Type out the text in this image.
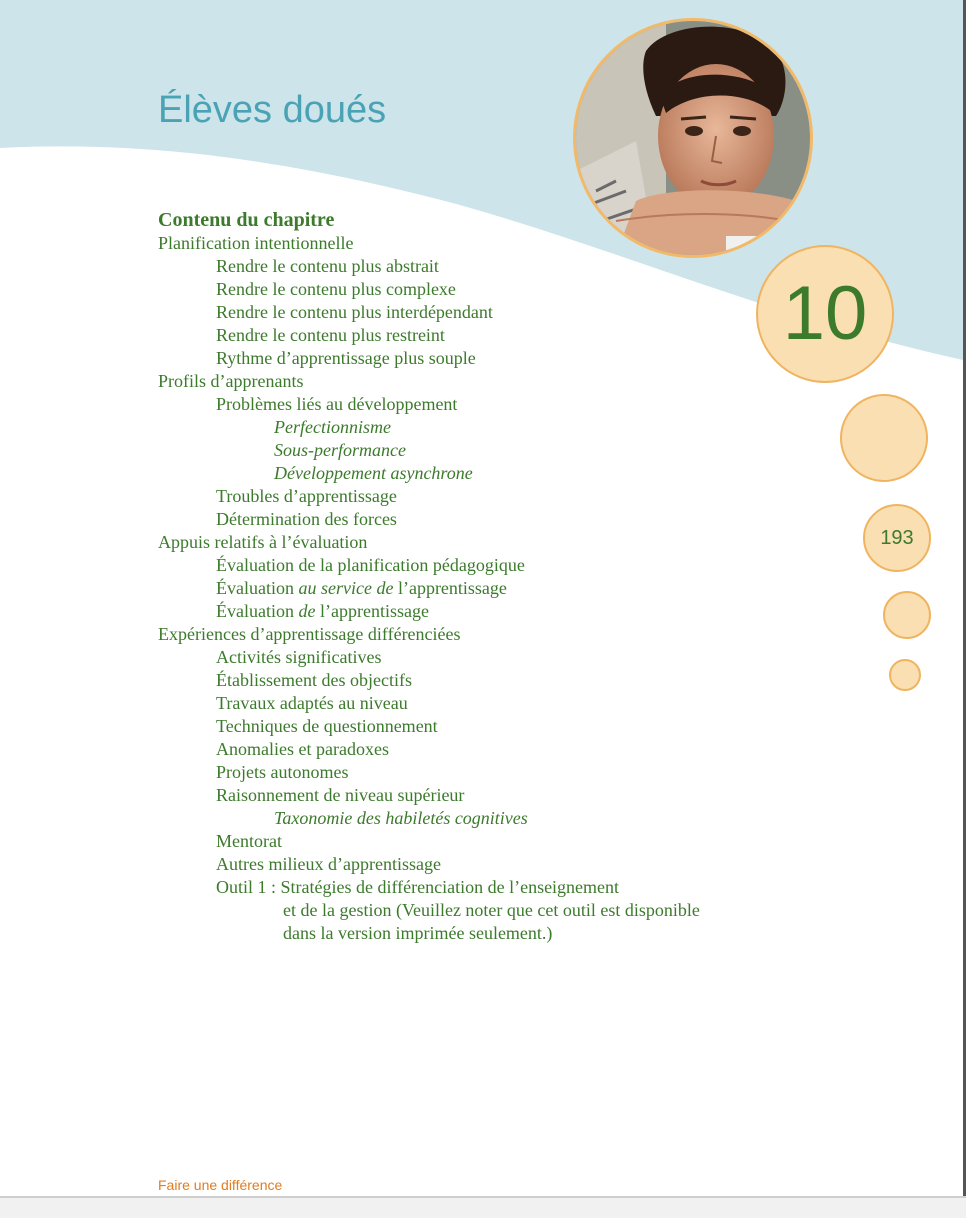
Élèves doués
10
193
Contenu du chapitre
Planification intentionnelle
Rendre le contenu plus abstrait
Rendre le contenu plus complexe
Rendre le contenu plus interdépendant
Rendre le contenu plus restreint
Rythme d’apprentissage plus souple
Profils d’apprenants
Problèmes liés au développement
Perfectionnisme
Sous-performance
Développement asynchrone
Troubles d’apprentissage
Détermination des forces
Appuis relatifs à l’évaluation
Évaluation de la planification pédagogique
Évaluation au service de l’apprentissage
Évaluation de l’apprentissage
Expériences d’apprentissage différenciées
Activités significatives
Établissement des objectifs
Travaux adaptés au niveau
Techniques de questionnement
Anomalies et paradoxes
Projets autonomes
Raisonnement de niveau supérieur
Taxonomie des habiletés cognitives
Mentorat
Autres milieux d’apprentissage
Outil 1 : Stratégies de différenciation de l’enseignement
et de la gestion (Veuillez noter que cet outil est disponible
dans la version imprimée seulement.)
Faire une différence
